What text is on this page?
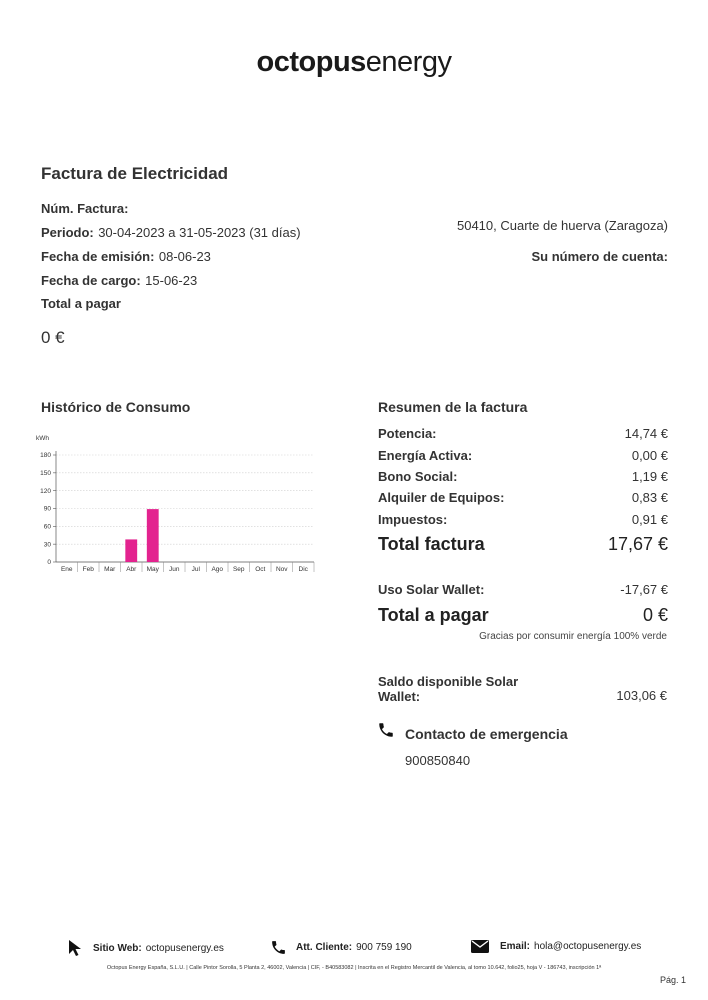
octopusenergy
Factura de Electricidad
Núm. Factura:
Periodo: 30-04-2023 a 31-05-2023 (31 días)
Fecha de emisión: 08-06-23
Fecha de cargo: 15-06-23
Total a pagar
0 €
50410, Cuarte de huerva (Zaragoza)
Su número de cuenta:
Histórico de Consumo
kWh
0
30
60
90
120
150
180
Ene Feb Mar Abr May Jun Jul Ago Sep Oct Nov Dic
Resumen de la factura
Potencia:	14,74 €
Energía Activa:	0,00 €
Bono Social:	1,19 €
Alquiler de Equipos:	0,83 €
Impuestos:	0,91 €
Total factura	17,67 €
Uso Solar Wallet:	-17,67 €
Total a pagar	0 €
Gracias por consumir energía 100% verde
Saldo disponible Solar
Wallet:	103,06 €
Contacto de emergencia
900850840
Sitio Web: octopusenergy.es	Att. Cliente: 900 759 190	Email: hola@octopusenergy.es
Octopus Energy España, S.L.U. | Calle Pintor Sorolla, 5 Planta 2, 46002, Valencia | CIF, - B40583082 | Inscrita en el Registro Mercantil de Valencia, al tomo 10.642, folio25, hoja V - 186743, inscripción 1ª
Pág. 1
